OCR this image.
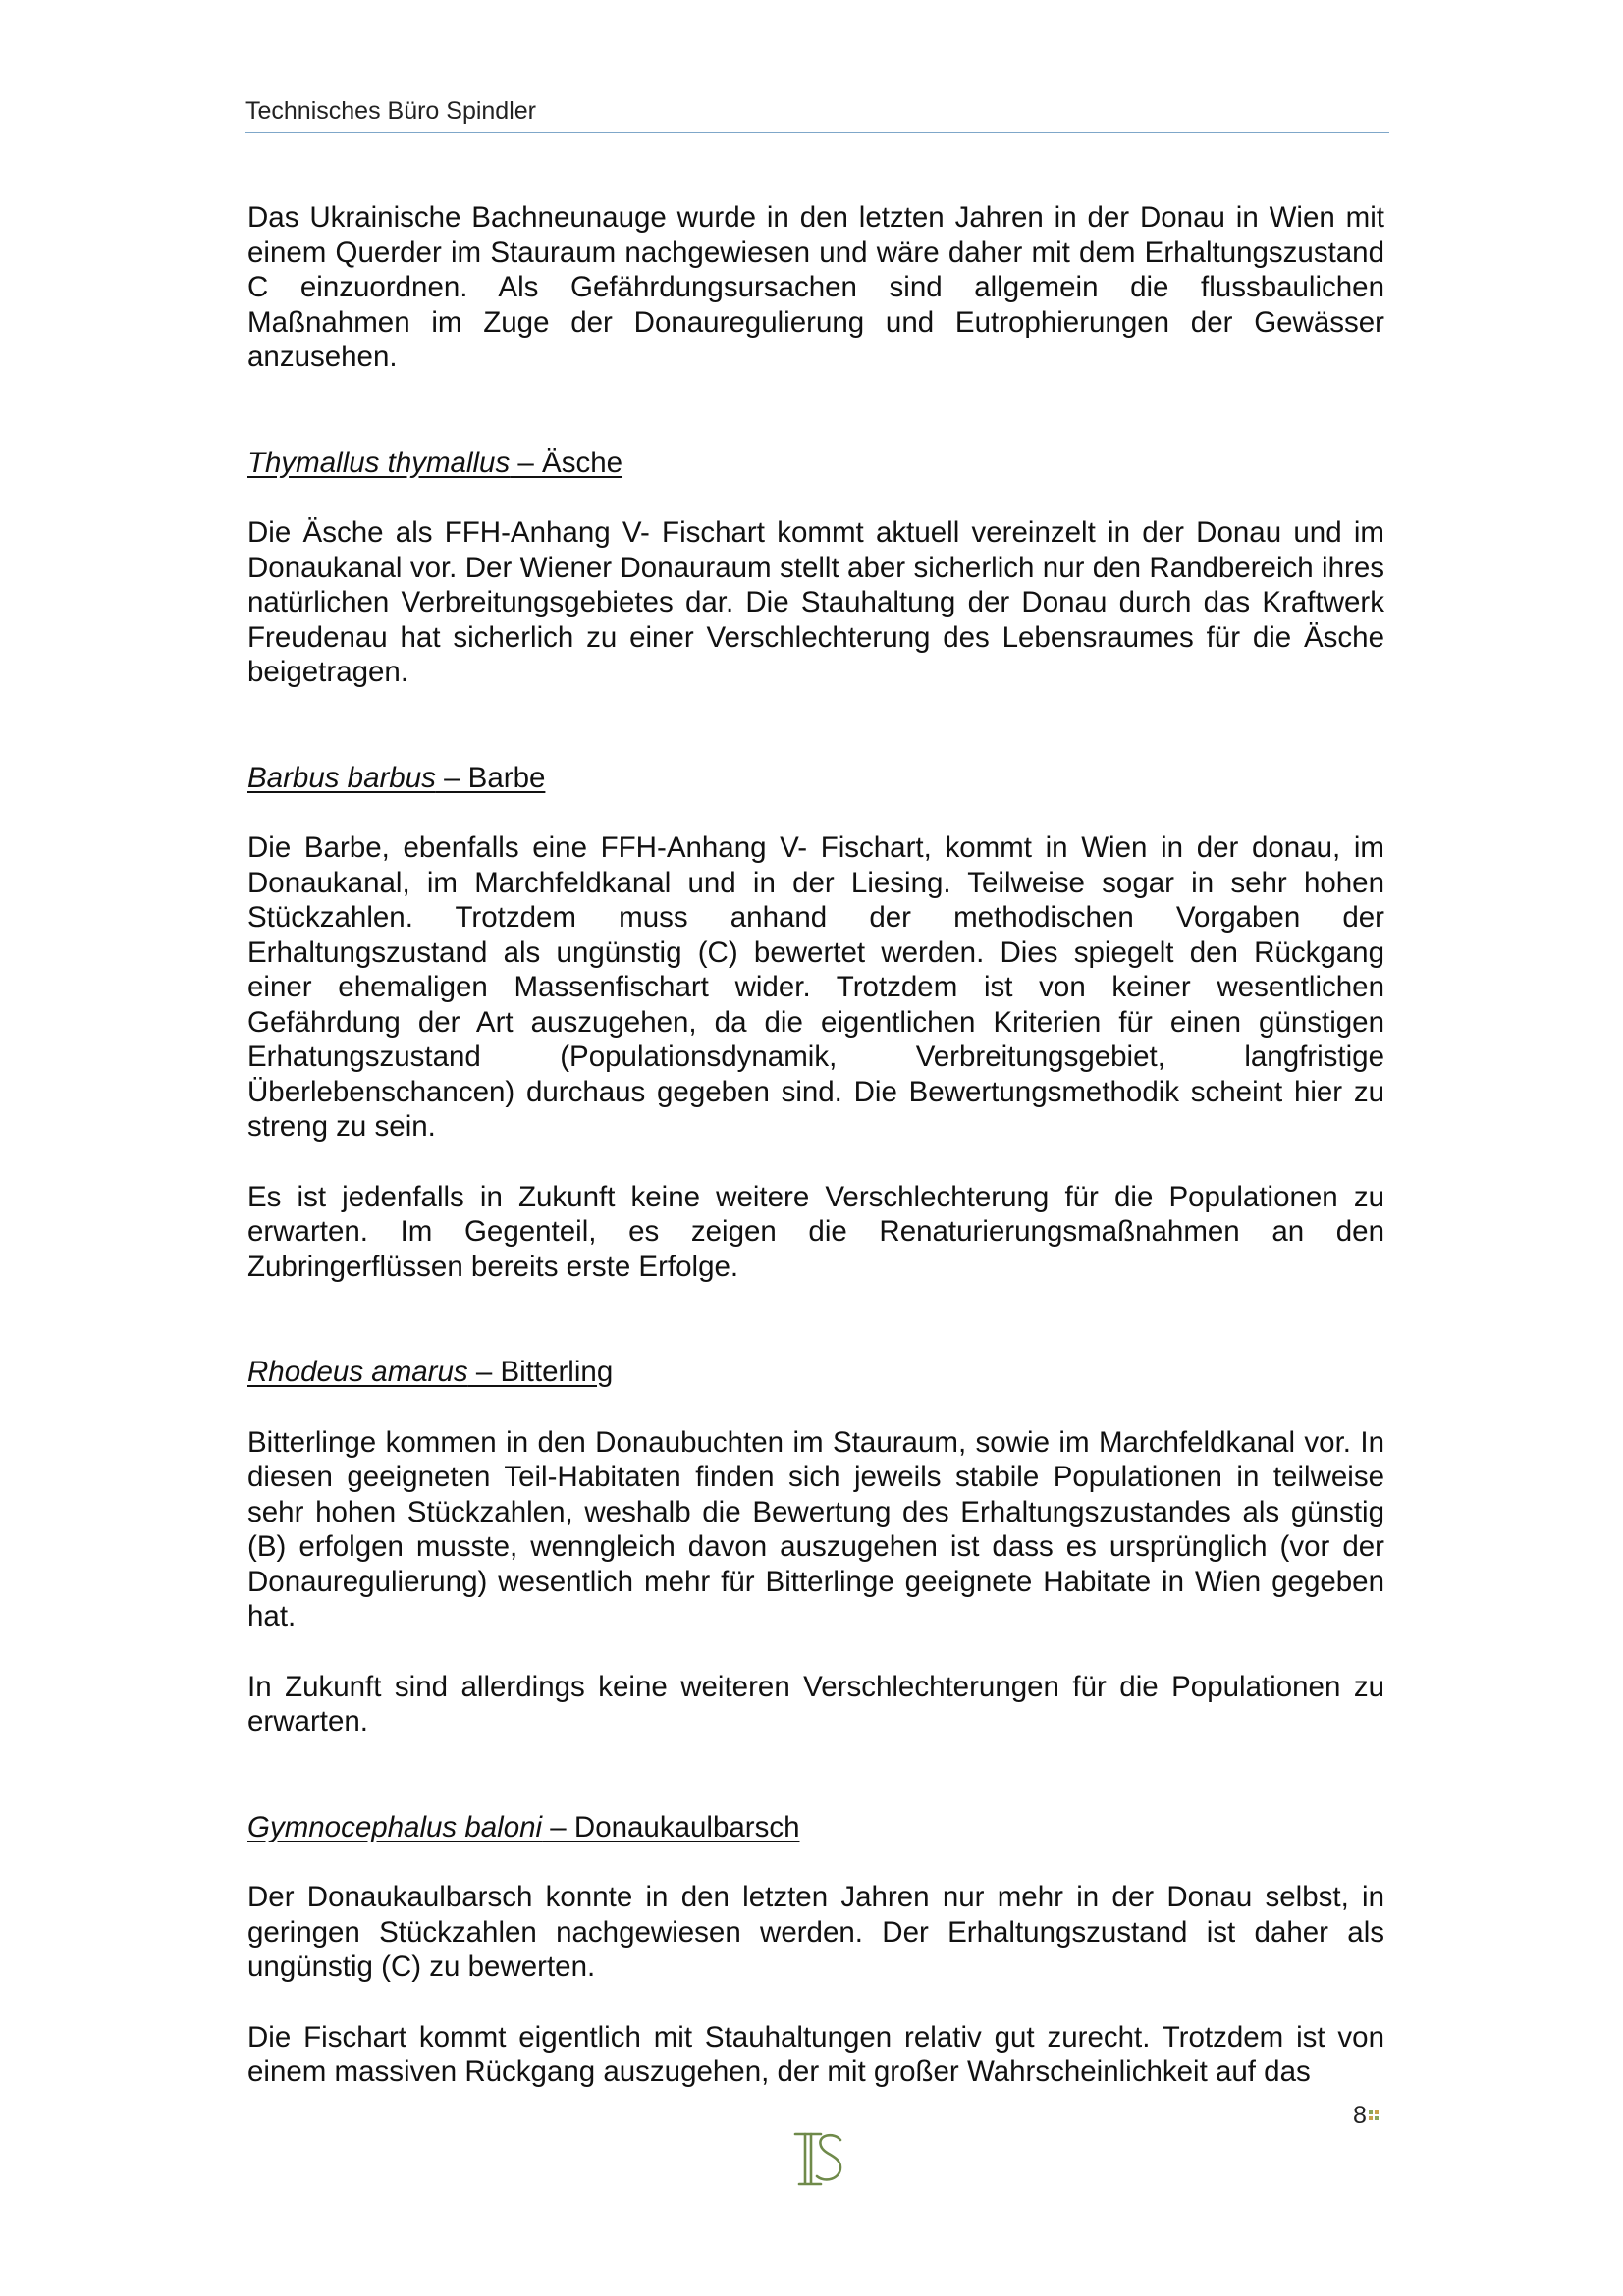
Technisches Büro Spindler

Das Ukrainische Bachneunauge wurde in den letzten Jahren in der Donau in Wien mit einem Querder im Stauraum nachgewiesen und wäre daher mit dem Erhaltungszustand C einzuordnen. Als Gefährdungsursachen sind allgemein die flussbaulichen Maßnahmen im Zuge der Donauregulierung und Eutrophierungen der Gewässer anzusehen.

Thymallus thymallus – Äsche

Die Äsche als FFH-Anhang V- Fischart kommt aktuell vereinzelt in der Donau und im Donaukanal vor. Der Wiener Donauraum stellt aber sicherlich nur den Randbereich ihres natürlichen Verbreitungsgebietes dar. Die Stauhaltung der Donau durch das Kraftwerk Freudenau hat sicherlich zu einer Verschlechterung des Lebensraumes für die Äsche beigetragen.

Barbus barbus – Barbe

Die Barbe, ebenfalls eine FFH-Anhang V- Fischart, kommt in Wien in der donau, im Donaukanal, im Marchfeldkanal und in der Liesing. Teilweise sogar in sehr hohen Stückzahlen. Trotzdem muss anhand der methodischen Vorgaben der Erhaltungszustand als ungünstig (C) bewertet werden. Dies spiegelt den Rückgang einer ehemaligen Massenfischart wider. Trotzdem ist von keiner wesentlichen Gefährdung der Art auszugehen, da die eigentlichen Kriterien für einen günstigen Erhatungszustand (Populationsdynamik, Verbreitungsgebiet, langfristige Überlebenschancen) durchaus gegeben sind. Die Bewertungsmethodik scheint hier zu streng zu sein.

Es ist jedenfalls in Zukunft keine weitere Verschlechterung für die Populationen zu erwarten. Im Gegenteil, es zeigen die Renaturierungsmaßnahmen an den Zubringerflüssen bereits erste Erfolge.

Rhodeus amarus – Bitterling

Bitterlinge kommen in den Donaubuchten im Stauraum, sowie im Marchfeldkanal vor. In diesen geeigneten Teil-Habitaten finden sich jeweils stabile Populationen in teilweise sehr hohen Stückzahlen, weshalb die Bewertung des Erhaltungszustandes als günstig (B) erfolgen musste, wenngleich davon auszugehen ist dass es ursprünglich (vor der Donauregulierung) wesentlich mehr für Bitterlinge geeignete Habitate in Wien gegeben hat.

In Zukunft sind allerdings keine weiteren Verschlechterungen für die Populationen zu erwarten.

Gymnocephalus baloni – Donaukaulbarsch

Der Donaukaulbarsch konnte in den letzten Jahren nur mehr in der Donau selbst, in geringen Stückzahlen nachgewiesen werden. Der Erhaltungszustand ist daher als ungünstig (C) zu bewerten.

Die Fischart kommt eigentlich mit Stauhaltungen relativ gut zurecht. Trotzdem ist von einem massiven Rückgang auszugehen, der mit großer Wahrscheinlichkeit auf das

8
